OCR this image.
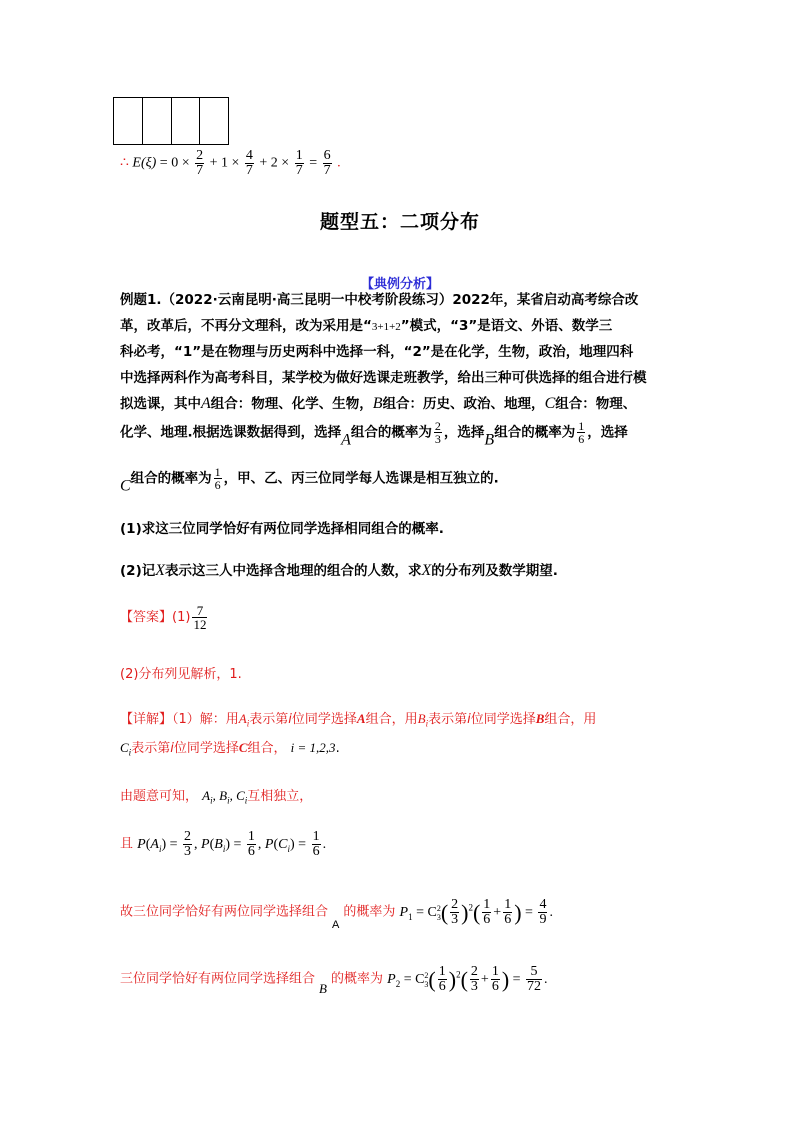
∴ $E(\xi) = 0 \times \frac{2}{7} + 1 \times \frac{4}{7} + 2 \times \frac{1}{7} = \frac{6}{7}$ .
题型五：二项分布
【典例分析】
例题1.（2022·云南昆明·高三昆明一中校考阶段练习）2022年，某省启动高考综合改
革，改革后，不再分文理科，改为采用是“3+1+2”模式，“3”是语文、外语、数学三
科必考，“1”是在物理与历史两科中选择一科，“2”是在化学，生物，政治，地理四科
中选择两科作为高考科目，某学校为做好选课走班教学，给出三种可供选择的组合进行模
拟选课，其中A组合：物理、化学、生物，B组合：历史、政治、地理，C组合：物理、
化学、地理.根据选课数据得到，选择A组合的概率为 $\frac{2}{3}$ ，选择B组合的概率为 $\frac{1}{6}$ ，选择
C组合的概率为 $\frac{1}{6}$ ，甲、乙、丙三位同学每人选课是相互独立的.
(1)求这三位同学恰好有两位同学选择相同组合的概率.
(2)记X表示这三人中选择含地理的组合的人数，求X的分布列及数学期望.
【答案】$(1) \frac{7}{12}$
(2)分布列见解析，1.
【详解】（1）解：用$A_i$表示第i位同学选择A组合，用$B_i$表示第i位同学选择B组合，用
$C_i$表示第i位同学选择C组合， i = 1,2,3.
由题意可知， $A_i$, $B_i$, $C_i$互相独立，
且 $P(A_i) = \frac{2}{3}$ , $P(B_i) = \frac{1}{6}$ , $P(C_i) = \frac{1}{6}$ .
故三位同学恰好有两位同学选择组合$_A$的概率为 $P_1 = C$ 2
3 ( $\frac{2}{3} )^2( \frac{1}{6} + \frac{1}{6}$ ) = $\frac{4}{9}$ .
三位同学恰好有两位同学选择组合B的概率为 $P_2 = C$ 2
3 ( $\frac{1}{6} )^2( \frac{2}{3} + \frac{1}{6}$ ) = $\frac{5}{72}$ .
